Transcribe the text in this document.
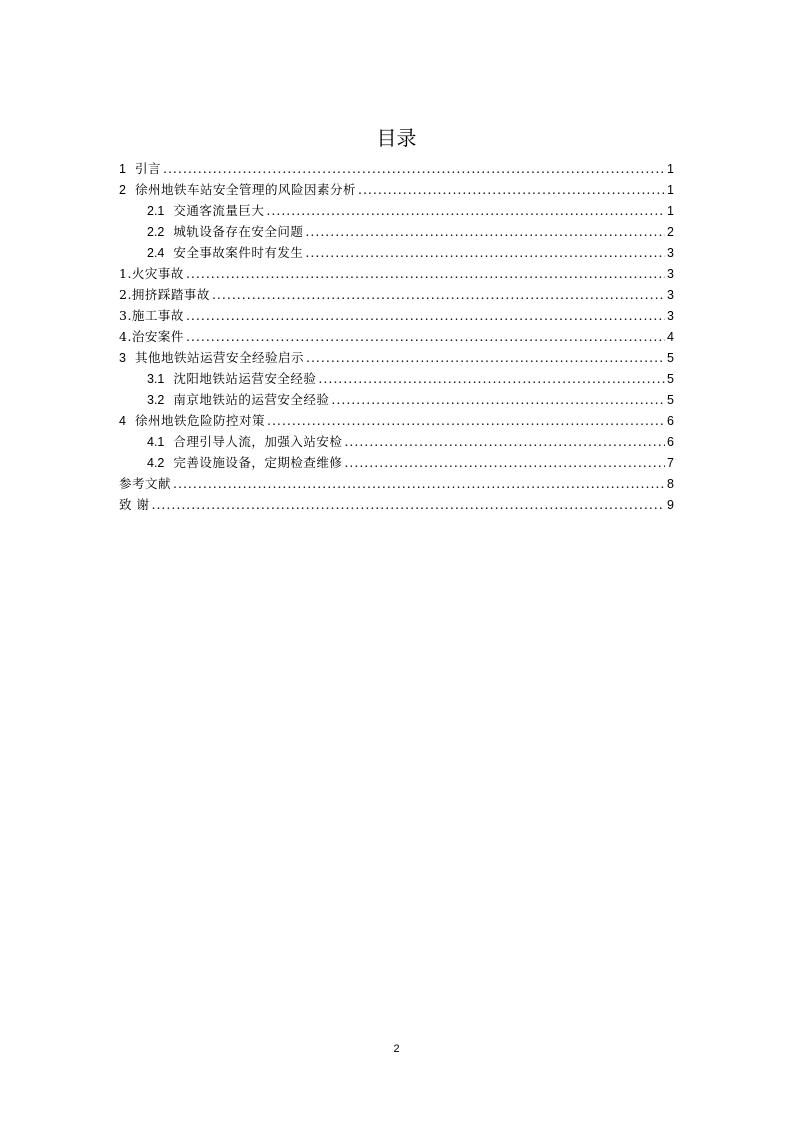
目录
1 引言 .....	1
2 徐州地铁车站安全管理的风险因素分析 .....	1
2.1 交通客流量巨大 .....	1
2.2 城轨设备存在安全问题 .....	2
2.4 安全事故案件时有发生 .....	3
1.火灾事故 .....	3
2.拥挤踩踏事故 .....	3
3.施工事故 .....	3
4.治安案件 .....	4
3 其他地铁站运营安全经验启示 .....	5
3.1 沈阳地铁站运营安全经验 .....	5
3.2 南京地铁站的运营安全经验 .....	5
4 徐州地铁危险防控对策 .....	6
4.1 合理引导人流，加强入站安检 .....	6
4.2 完善设施设备，定期检查维修 .....	7
参考文献 .....	8
致 谢 .....	9
2
